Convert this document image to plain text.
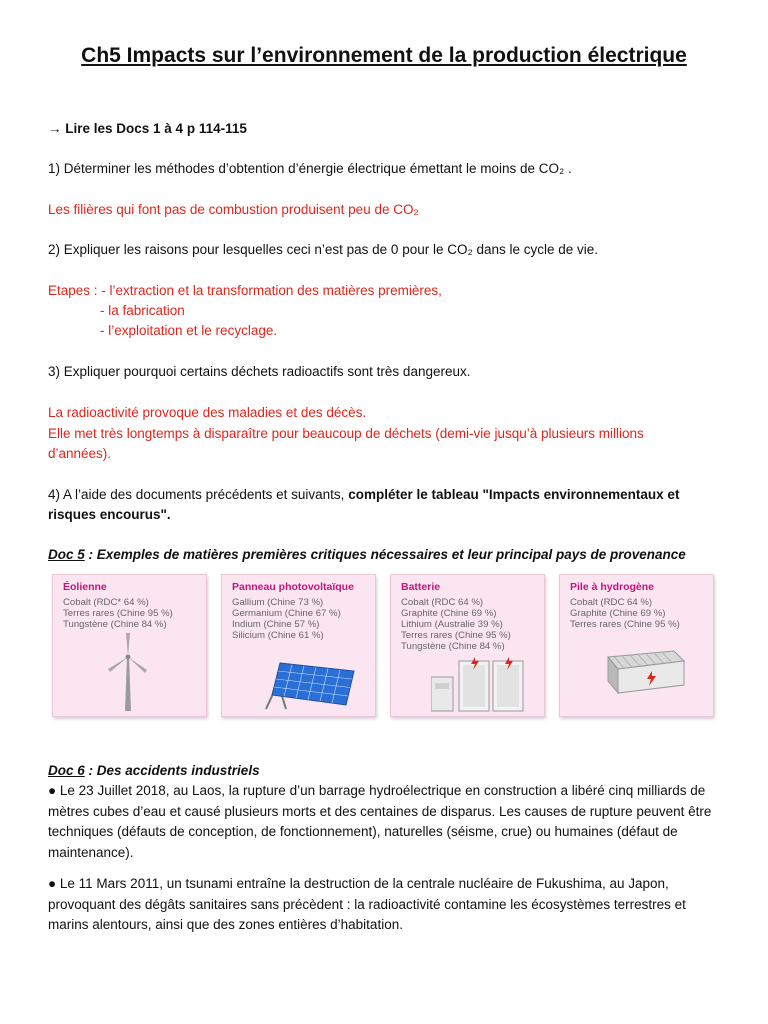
Ch5 Impacts sur l’environnement de la production électrique
→ Lire les Docs 1 à 4 p 114-115
1) Déterminer les méthodes d’obtention d’énergie électrique émettant le moins de CO₂ .
Les filières qui font pas de combustion produisent peu de CO₂
2) Expliquer les raisons pour lesquelles ceci n’est pas de 0 pour le CO₂ dans le cycle de vie.
Etapes : - l’extraction et la transformation des matières premières,
- la fabrication
- l’exploitation et le recyclage.
3) Expliquer pourquoi certains déchets radioactifs sont très dangereux.
La radioactivité provoque des maladies et des décès.
Elle met très longtemps à disparaître pour beaucoup de déchets (demi-vie jusqu’à plusieurs millions d’années).
4) A l’aide des documents précédents et suivants, compléter le tableau "Impacts environnementaux et risques encourus".
Doc 5 : Exemples de matières premières critiques nécessaires et leur principal pays de provenance
Éolienne
Cobalt (RDC* 64 %)
Terres rares (Chine 95 %)
Tungstène (Chine 84 %)
Panneau photovoltaïque
Gallium (Chine 73 %)
Germanium (Chine 67 %)
Indium (Chine 57 %)
Silicium (Chine 61 %)
Batterie
Cobalt (RDC 64 %)
Graphite (Chine 69 %)
Lithium (Australie 39 %)
Terres rares (Chine 95 %)
Tungstène (Chine 84 %)
Pile à hydrogène
Cobalt (RDC 64 %)
Graphite (Chine 69 %)
Terres rares (Chine 95 %)
Doc 6 : Des accidents industriels
● Le 23 Juillet 2018, au Laos, la rupture d’un barrage hydroélectrique en construction a libéré cinq milliards de mètres cubes d’eau et causé plusieurs morts et des centaines de disparus. Les causes de rupture peuvent être techniques (défauts de conception, de fonctionnement), naturelles (séisme, crue) ou humaines (défaut de maintenance).
● Le 11 Mars 2011, un tsunami entraîne la destruction de la centrale nucléaire de Fukushima, au Japon, provoquant des dégâts sanitaires sans précèdent : la radioactivité contamine les écosystèmes terrestres et marins alentours, ainsi que des zones entières d’habitation.
